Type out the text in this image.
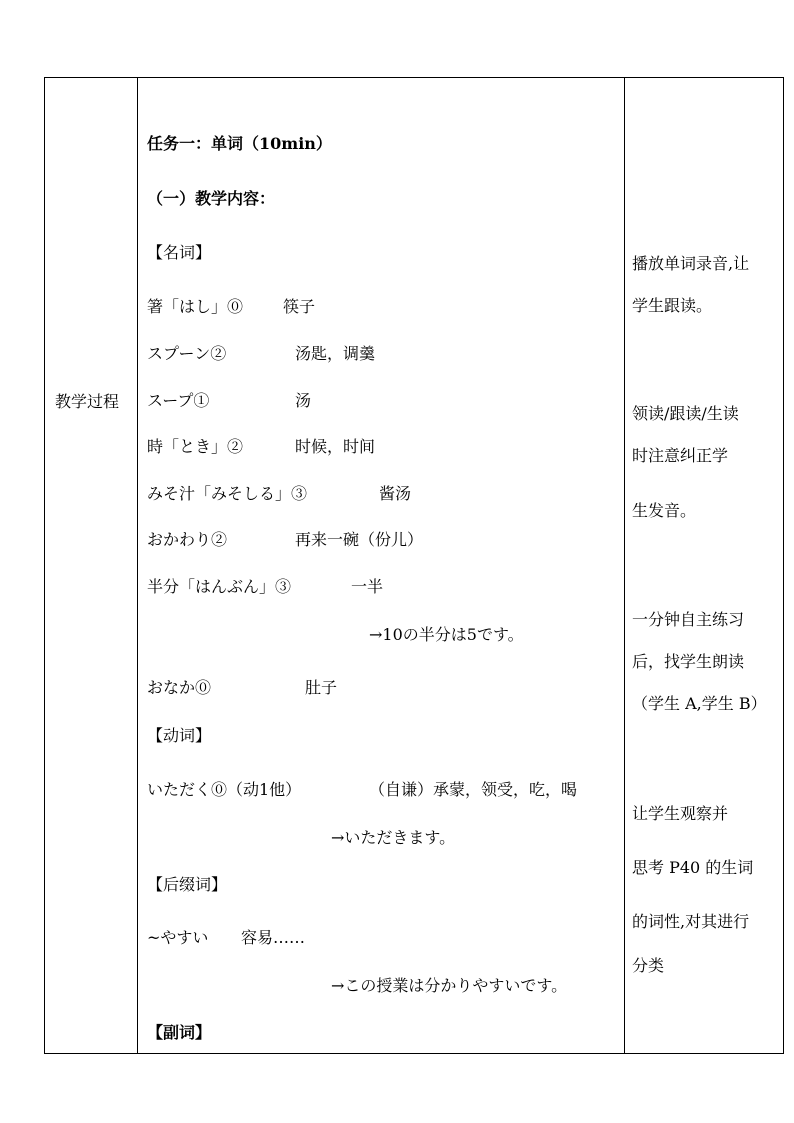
教学过程
任务一：单词（10min）
（一）教学内容：
【名词】
箸「はし」⓪ 筷子
スプーン②	汤匙，调羹
スープ①	汤
時「とき」②	时候，时间
みそ汁「みそしる」③	酱汤
おかわり②	再来一碗（份儿）
半分「はんぶん」③	一半
→10の半分は5です。
おなか⓪	肚子
【动词】
いただく⓪（动1他）	（自谦）承蒙，领受，吃，喝
→いただきます。
【后缀词】
~やすい 容易……
→この授業は分かりやすいです。
【副词】
播放单词录音,让
学生跟读。
领读/跟读/生读
时注意纠正学
生发音。
一分钟自主练习
后，找学生朗读
（学生 A,学生 B）
让学生观察并
思考 P40 的生词
的词性,对其进行
分类
